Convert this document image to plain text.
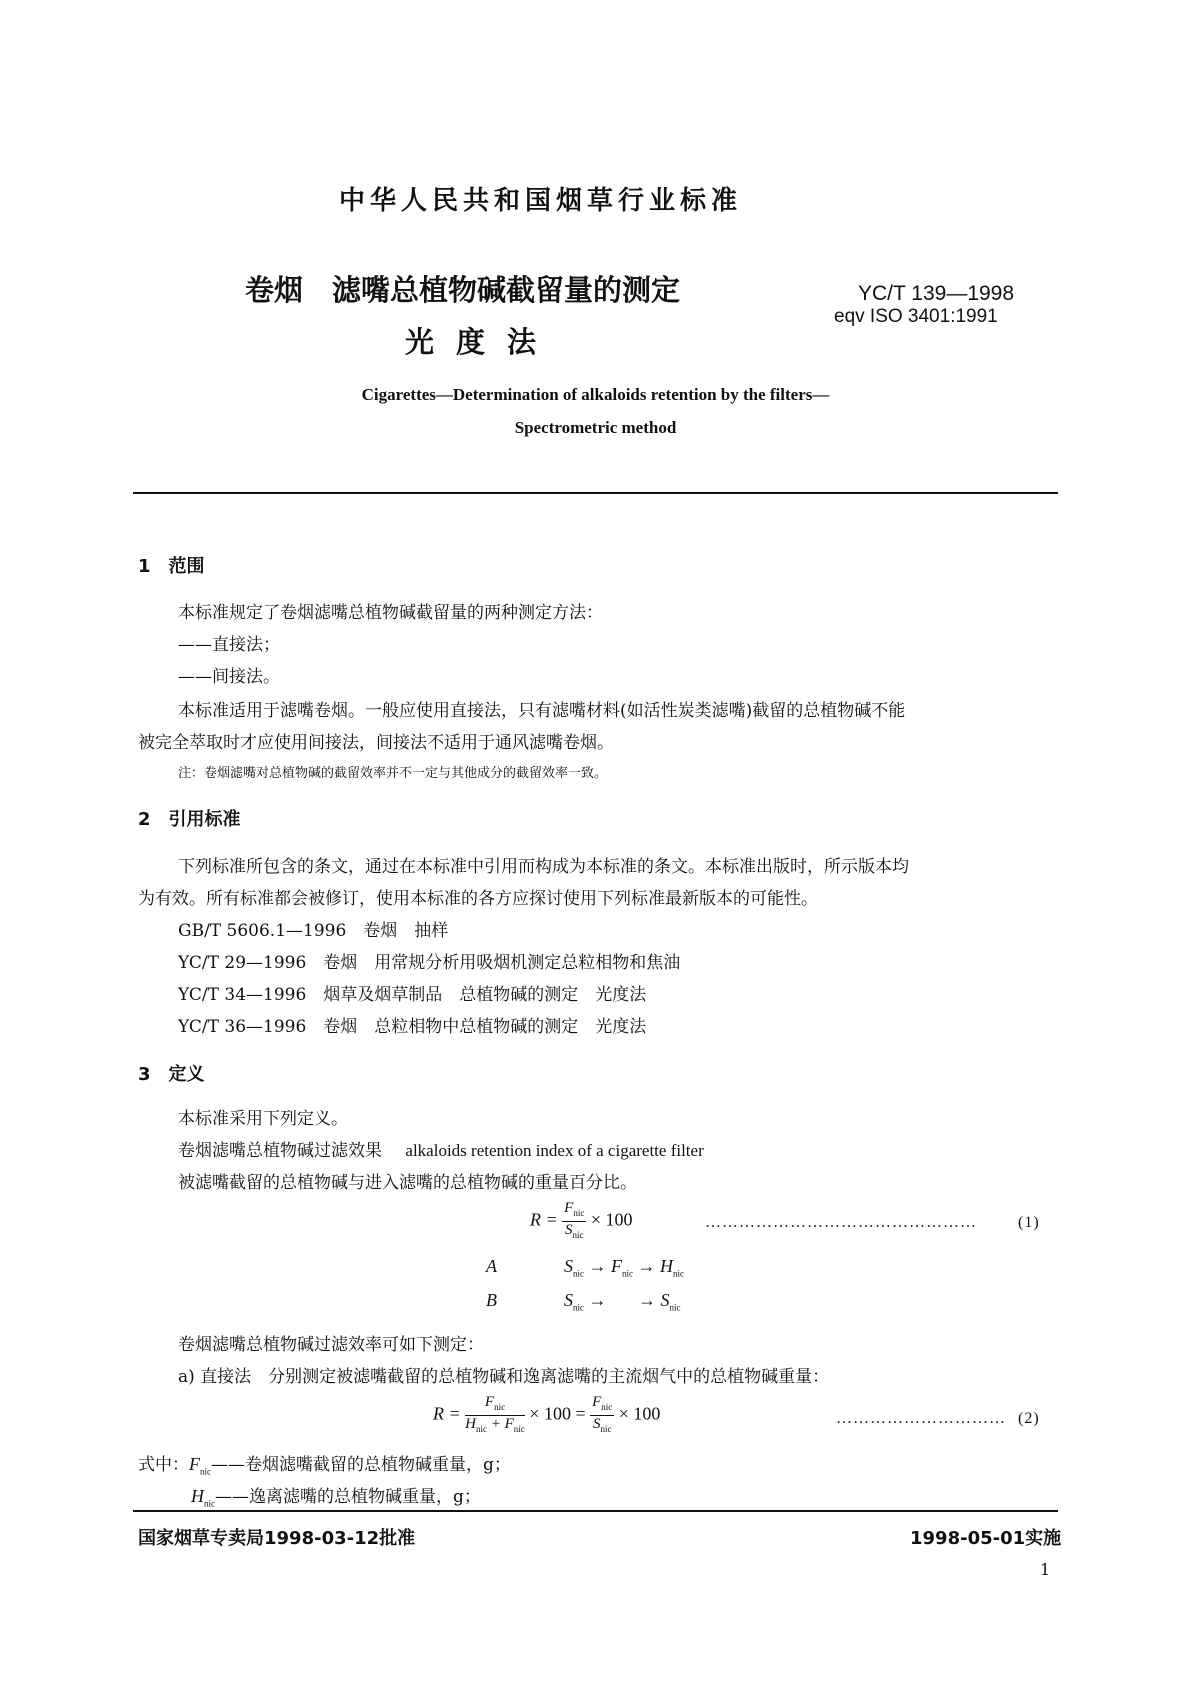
中华人民共和国烟草行业标准
卷烟　滤嘴总植物碱截留量的测定
光度法
YC/T 139—1998
eqv ISO 3401:1991
Cigarettes—Determination of alkaloids retention by the filters—
Spectrometric method
1　范围
本标准规定了卷烟滤嘴总植物碱截留量的两种测定方法：
——直接法；
——间接法。
本标准适用于滤嘴卷烟。一般应使用直接法，只有滤嘴材料(如活性炭类滤嘴)截留的总植物碱不能
被完全萃取时才应使用间接法，间接法不适用于通风滤嘴卷烟。
注：卷烟滤嘴对总植物碱的截留效率并不一定与其他成分的截留效率一致。
2　引用标准
下列标准所包含的条文，通过在本标准中引用而构成为本标准的条文。本标准出版时，所示版本均
为有效。所有标准都会被修订，使用本标准的各方应探讨使用下列标准最新版本的可能性。
GB/T 5606.1—1996　卷烟　抽样
YC/T 29—1996　卷烟　用常规分析用吸烟机测定总粒相物和焦油
YC/T 34—1996　烟草及烟草制品　总植物碱的测定　光度法
YC/T 36—1996　卷烟　总粒相物中总植物碱的测定　光度法
3　定义
本标准采用下列定义。
卷烟滤嘴总植物碱过滤效果 alkaloids retention index of a cigarette filter
被滤嘴截留的总植物碱与进入滤嘴的总植物碱的重量百分比。
$R = \frac{F_{nic}}{S_{nic}} \times 100$	…………………………………………	(1)
A	$S_{nic} \to F_{nic} \to H_{nic}$
B	$S_{nic}$ → → $S_{nic}$
卷烟滤嘴总植物碱过滤效率可如下测定：
a) 直接法　分别测定被滤嘴截留的总植物碱和逸离滤嘴的主流烟气中的总植物碱重量：
$R = \frac{F_{nic}}{H_{nic} + F_{nic}} \times 100 = \frac{F_{nic}}{S_{nic}} \times 100$	………………………… (2)
式中：$F_{nic}——$卷烟滤嘴截留的总植物碱重量，g；
$H_{nic}——$逸离滤嘴的总植物碱重量，g；
国家烟草专卖局1998-03-12批准	1998-05-01实施
1
